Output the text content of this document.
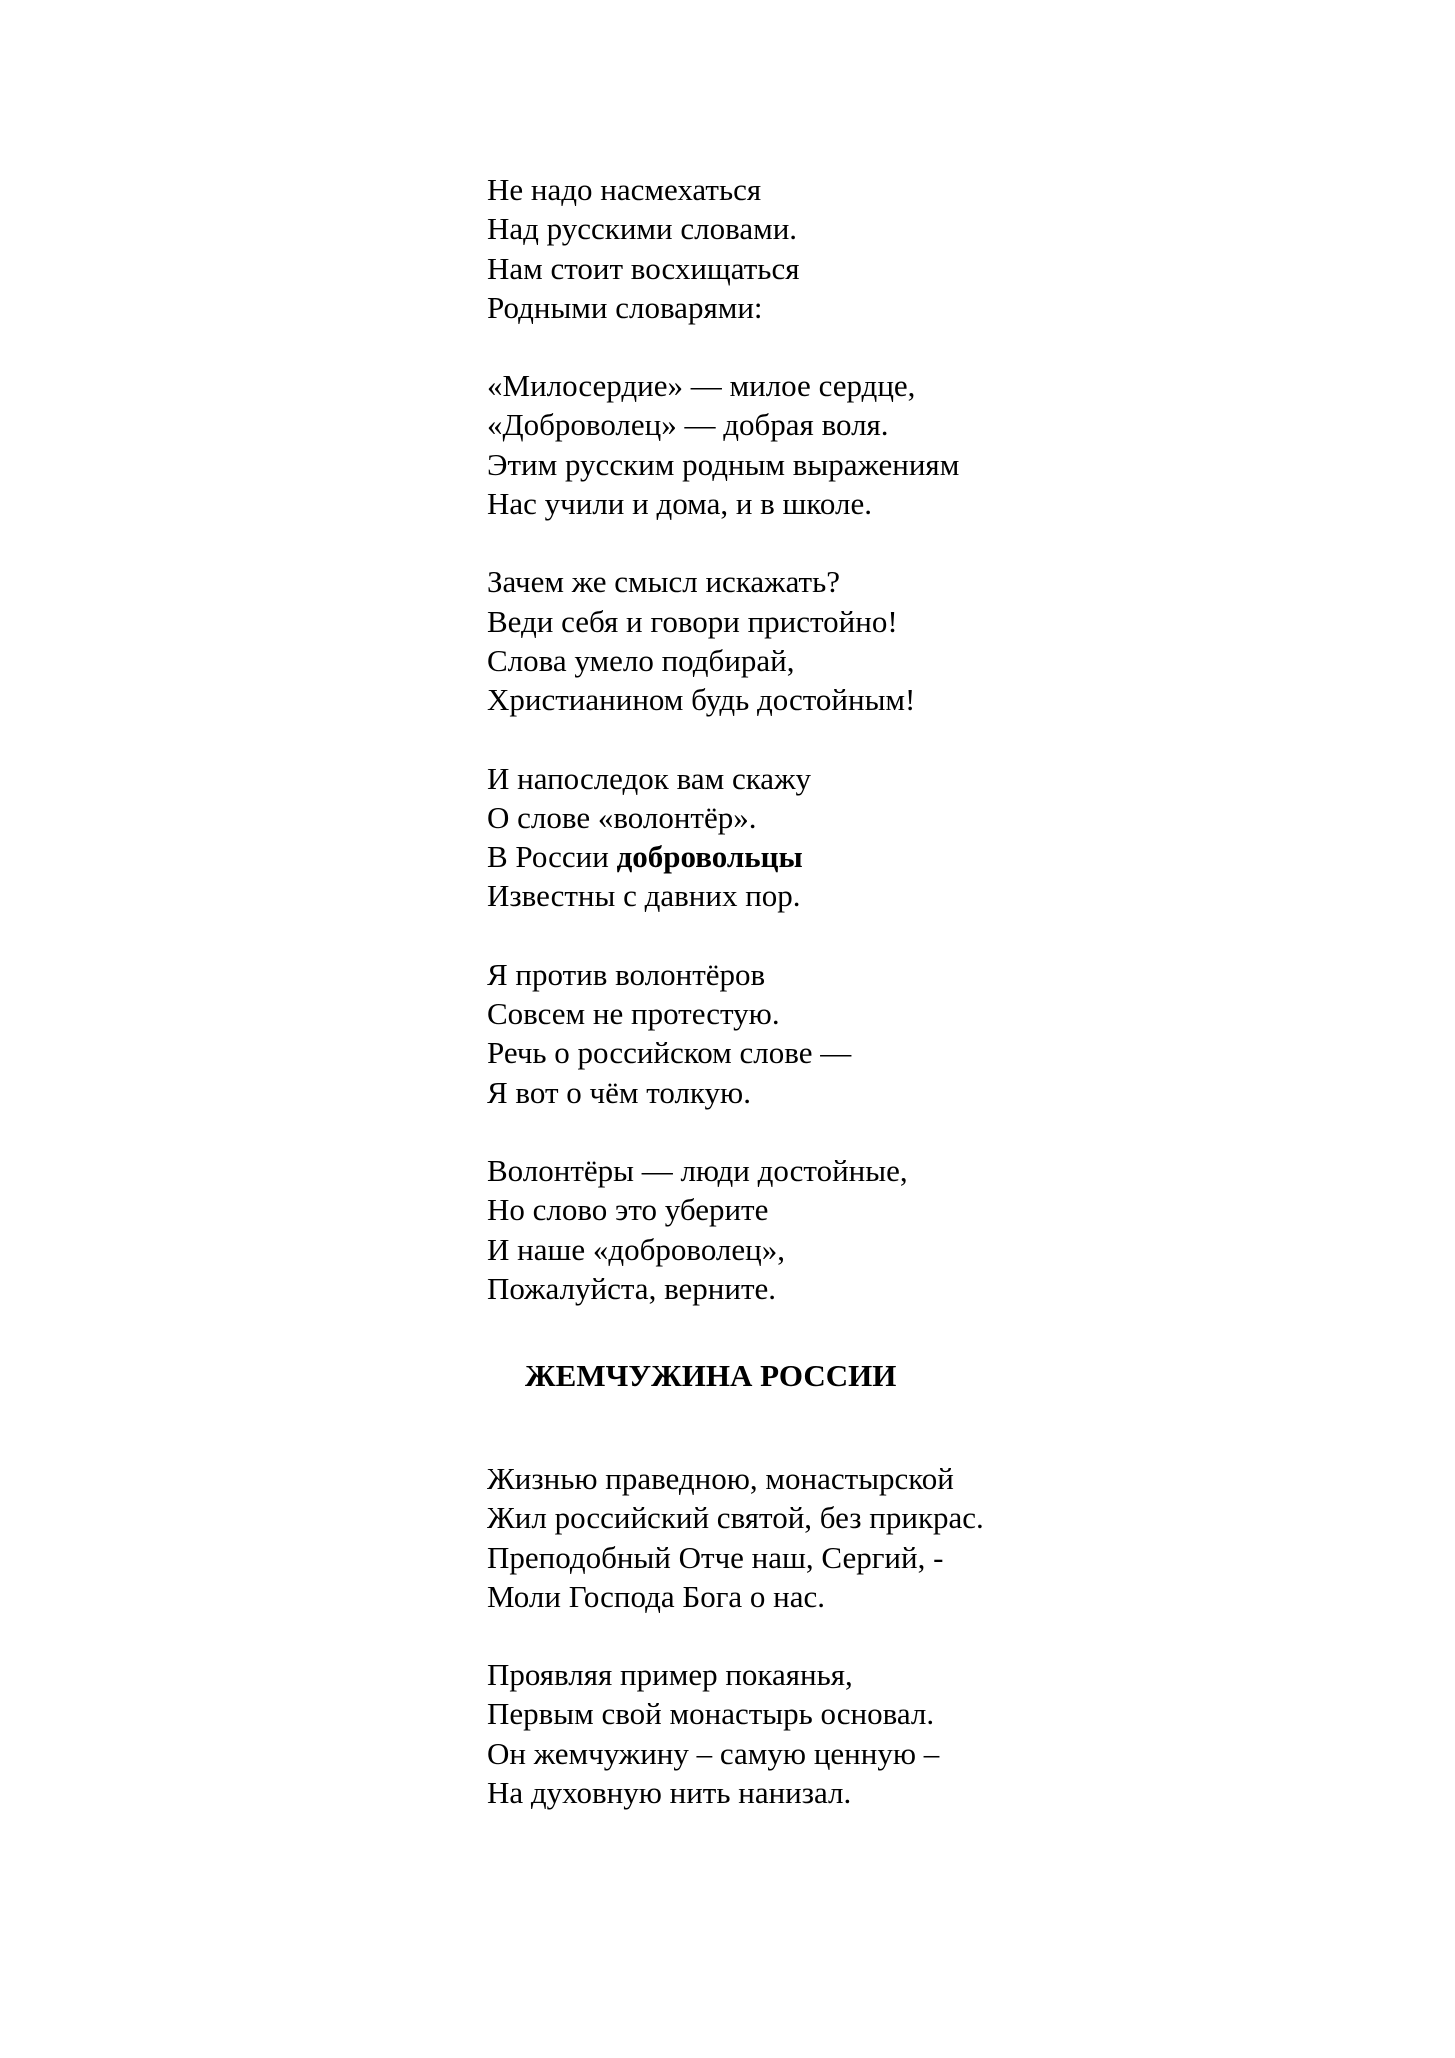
Не надо насмехаться
Над русскими словами.
Нам стоит восхищаться
Родными словарями:
«Милосердие» — милое сердце,
«Доброволец» — добрая воля.
Этим русским родным выражениям
Нас учили и дома, и в школе.
Зачем же смысл искажать?
Веди себя и говори пристойно!
Слова умело подбирай,
Христианином будь достойным!
И напоследок вам скажу
О слове «волонтёр».
В России добровольцы
Известны с давних пор.
Я против волонтёров
Совсем не протестую.
Речь о российском слове —
Я вот о чём толкую.
Волонтёры — люди достойные,
Но слово это уберите
И наше «доброволец»,
Пожалуйста, верните.
ЖЕМЧУЖИНА РОССИИ
Жизнью праведною, монастырской
Жил российский святой, без прикрас.
Преподобный Отче наш, Сергий, -
Моли Господа Бога о нас.
Проявляя пример покаянья,
Первым свой монастырь основал.
Он жемчужину – самую ценную –
На духовную нить нанизал.
